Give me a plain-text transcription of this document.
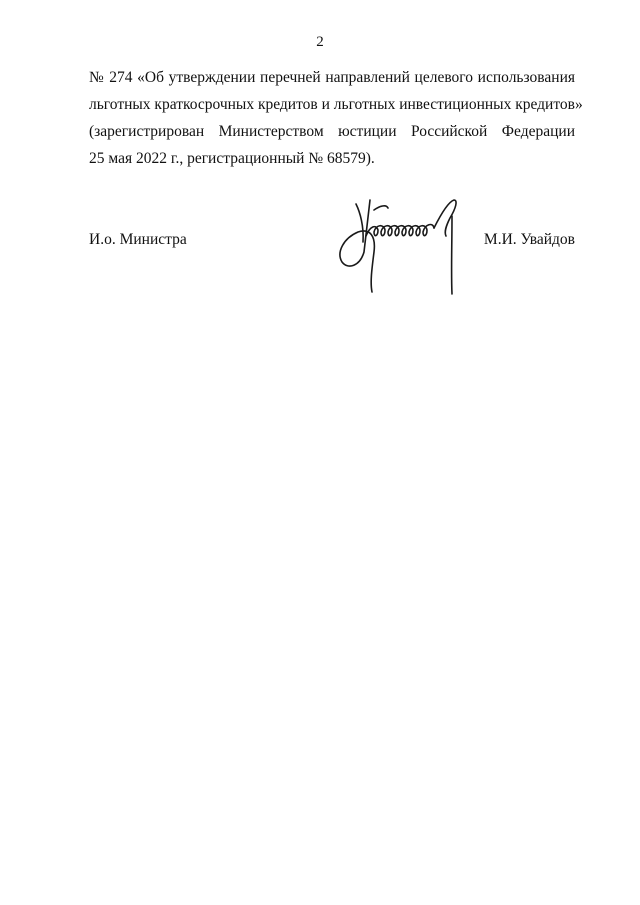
2
№ 274 «Об утверждении перечней направлений целевого использования
льготных краткосрочных кредитов и льготных инвестиционных кредитов»
(зарегистрирован Министерством юстиции Российской Федерации
25 мая 2022 г., регистрационный № 68579).
И.о. Министра	М.И. Увайдов
